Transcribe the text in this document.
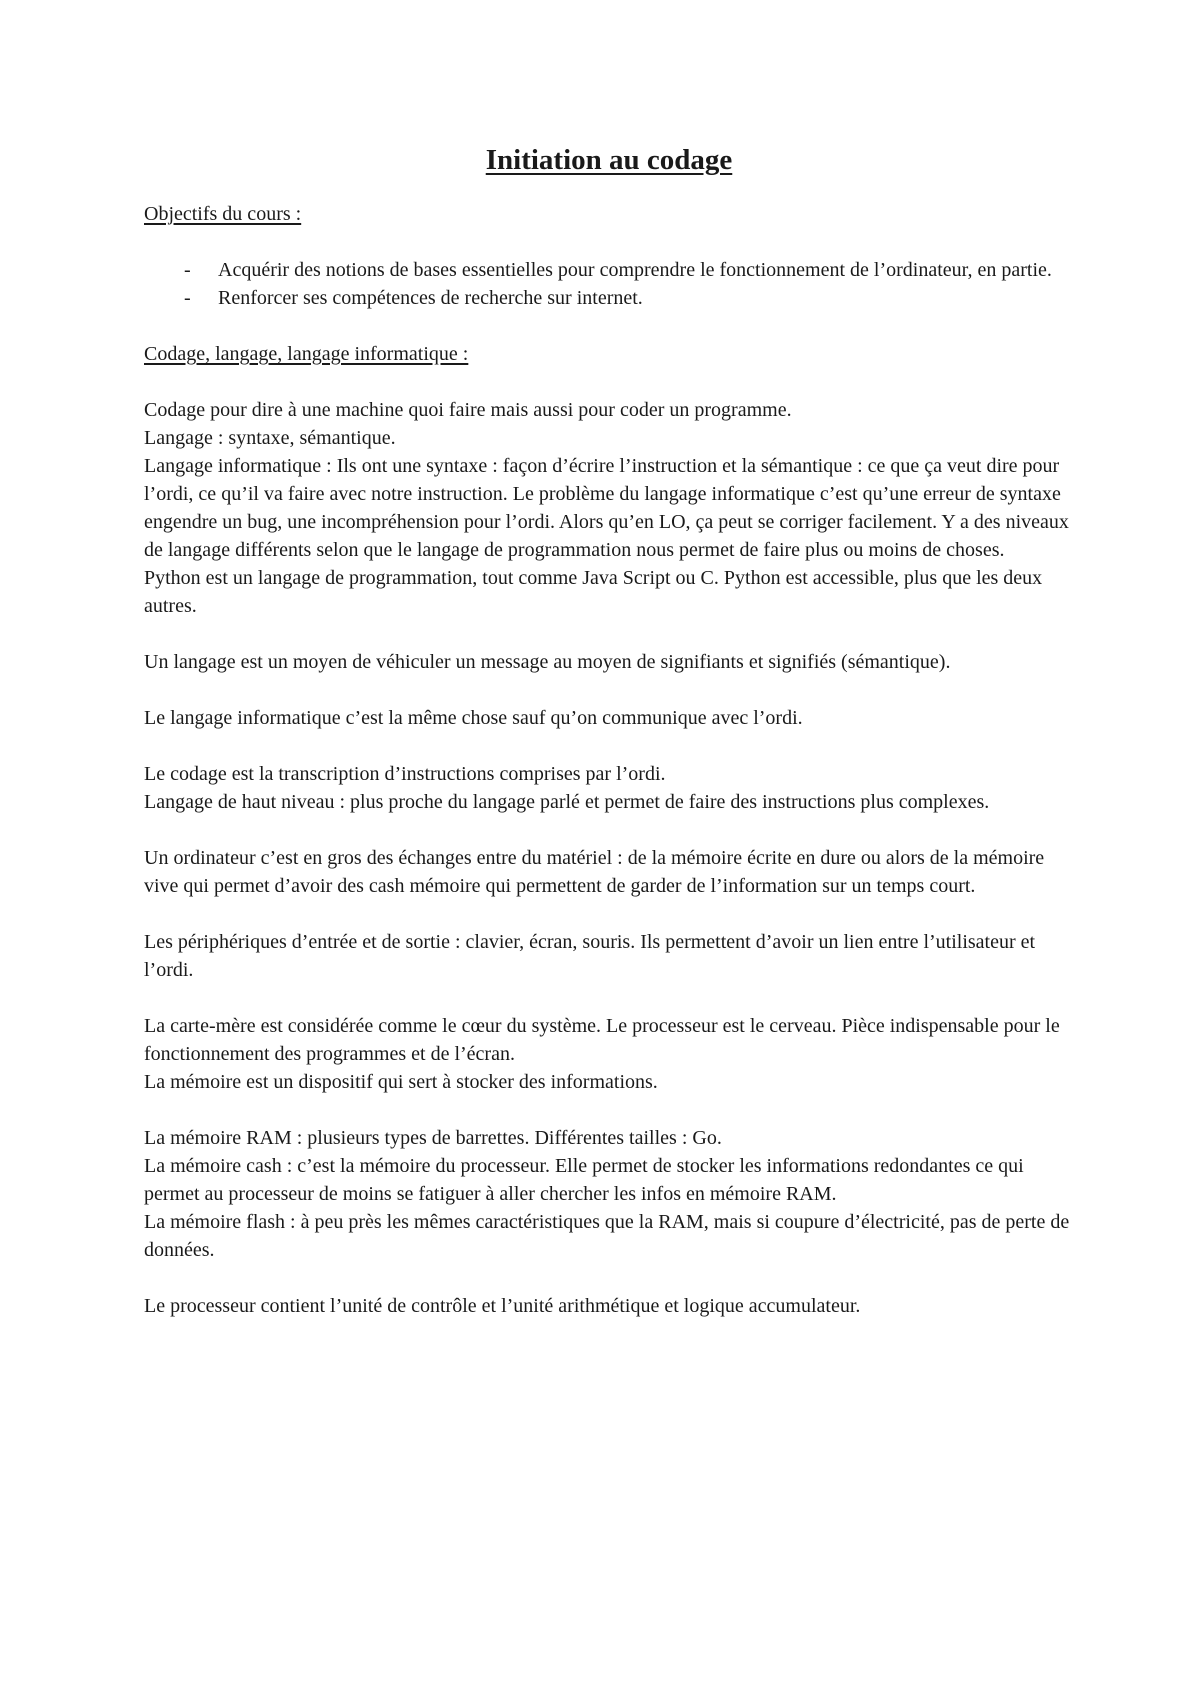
Initiation au codage
Objectifs du cours :
- Acquérir des notions de bases essentielles pour comprendre le fonctionnement de l’ordinateur, en partie.
- Renforcer ses compétences de recherche sur internet.
Codage, langage, langage informatique :
Codage pour dire à une machine quoi faire mais aussi pour coder un programme.
Langage : syntaxe, sémantique.
Langage informatique : Ils ont une syntaxe : façon d’écrire l’instruction et la sémantique : ce que ça veut dire pour l’ordi, ce qu’il va faire avec notre instruction. Le problème du langage informatique c’est qu’une erreur de syntaxe engendre un bug, une incompréhension pour l’ordi. Alors qu’en LO, ça peut se corriger facilement. Y a des niveaux de langage différents selon que le langage de programmation nous permet de faire plus ou moins de choses.
Python est un langage de programmation, tout comme Java Script ou C. Python est accessible, plus que les deux autres.
Un langage est un moyen de véhiculer un message au moyen de signifiants et signifiés (sémantique).
Le langage informatique c’est la même chose sauf qu’on communique avec l’ordi.
Le codage est la transcription d’instructions comprises par l’ordi.
Langage de haut niveau : plus proche du langage parlé et permet de faire des instructions plus complexes.
Un ordinateur c’est en gros des échanges entre du matériel : de la mémoire écrite en dure ou alors de la mémoire vive qui permet d’avoir des cash mémoire qui permettent de garder de l’information sur un temps court.
Les périphériques d’entrée et de sortie : clavier, écran, souris. Ils permettent d’avoir un lien entre l’utilisateur et l’ordi.
La carte-mère est considérée comme le cœur du système. Le processeur est le cerveau. Pièce indispensable pour le fonctionnement des programmes et de l’écran.
La mémoire est un dispositif qui sert à stocker des informations.
La mémoire RAM : plusieurs types de barrettes. Différentes tailles : Go.
La mémoire cash : c’est la mémoire du processeur. Elle permet de stocker les informations redondantes ce qui permet au processeur de moins se fatiguer à aller chercher les infos en mémoire RAM.
La mémoire flash : à peu près les mêmes caractéristiques que la RAM, mais si coupure d’électricité, pas de perte de données.
Le processeur contient l’unité de contrôle et l’unité arithmétique et logique accumulateur.
